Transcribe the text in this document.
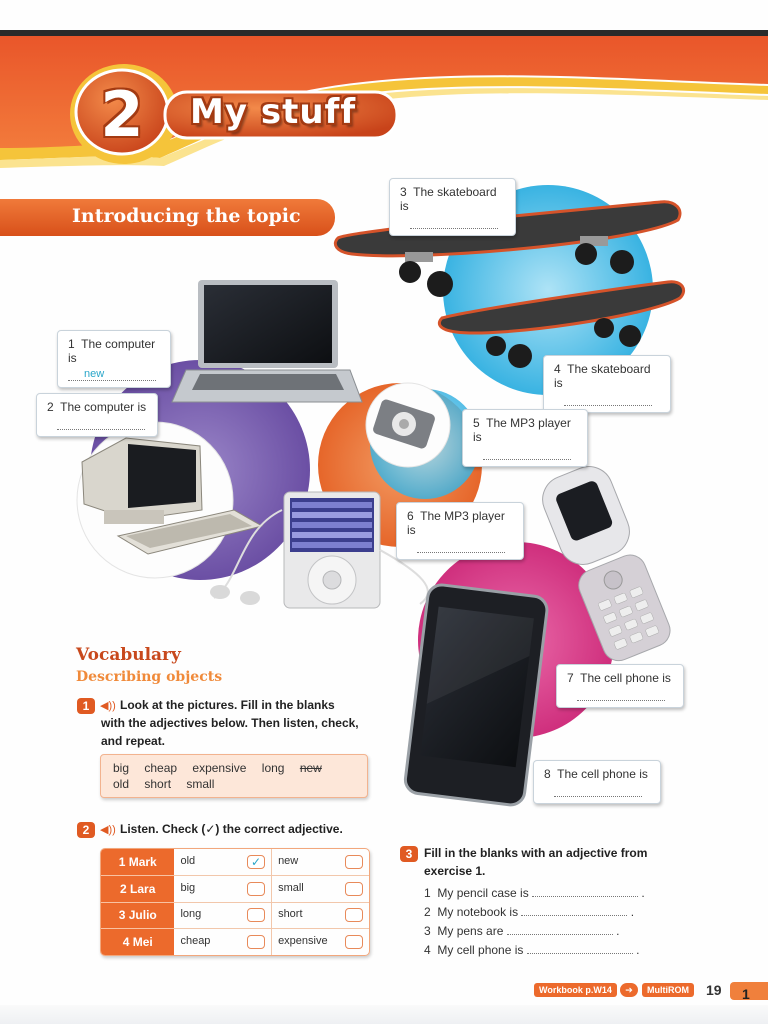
2	My stuff
Introducing the topic
1 The computer is
new
2 The computer is
3 The skateboard is
4 The skateboard is
5 The MP3 player is
6 The MP3 player is
7 The cell phone is
8 The cell phone is
Vocabulary
Describing objects
1 ◀)) Look at the pictures. Fill in the blanks
with the adjectives below. Then listen, check,
and repeat.
big cheap expensive long new
old short small
2 ◀)) Listen. Check (✓) the correct adjective.
1 Mark	old ✓	new

2 Lara	big	small

3 Julio	long	short

4 Mei	cheap	expensive
3 Fill in the blanks with an adjective from
exercise 1.
1 My pencil case is	.
2 My notebook is	.
3 My pens are	.
4 My cell phone is	.
Workbook p.W14	➔	MultiROM	19 1
